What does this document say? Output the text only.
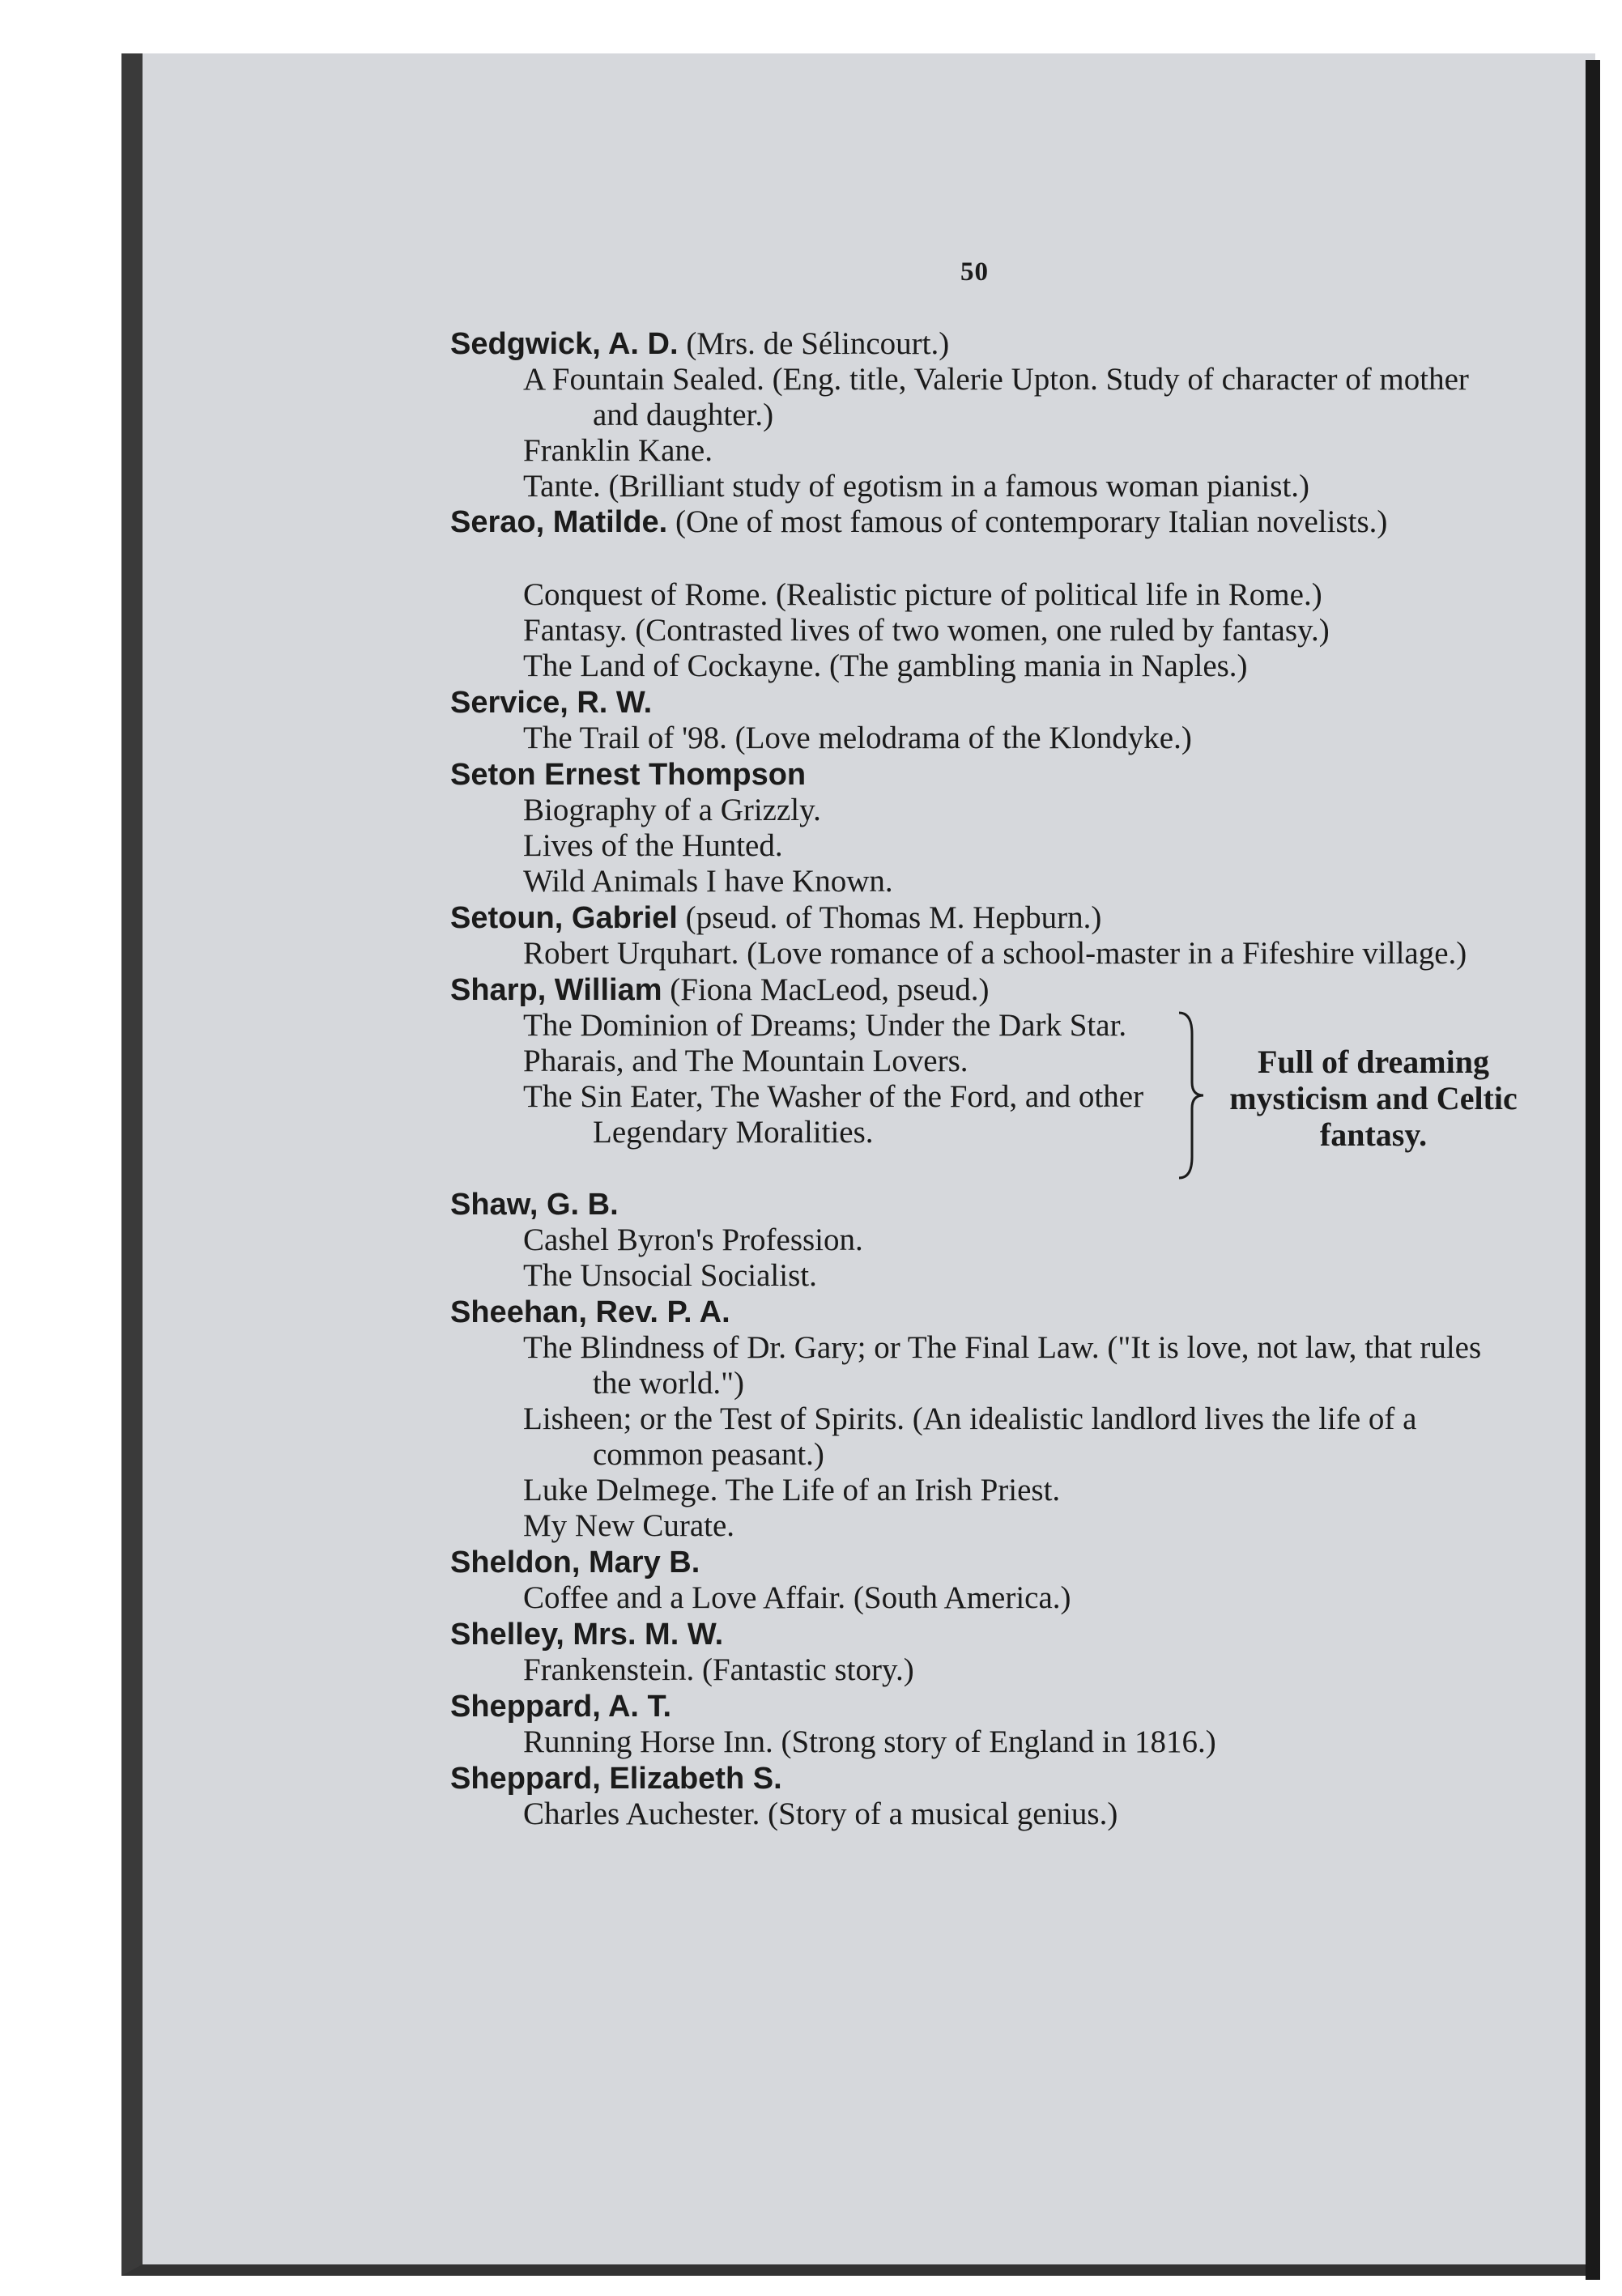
50
Sedgwick, A. D. (Mrs. de Sélincourt.)
A Fountain Sealed. (Eng. title, Valerie Upton. Study of character of mother and daughter.)
Franklin Kane.
Tante. (Brilliant study of egotism in a famous woman pianist.)
Serao, Matilde. (One of most famous of contemporary Italian novelists.)
Conquest of Rome. (Realistic picture of political life in Rome.)
Fantasy. (Contrasted lives of two women, one ruled by fantasy.)
The Land of Cockayne. (The gambling mania in Naples.)
Service, R. W.
The Trail of '98. (Love melodrama of the Klondyke.)
Seton Ernest Thompson
Biography of a Grizzly.
Lives of the Hunted.
Wild Animals I have Known.
Setoun, Gabriel (pseud. of Thomas M. Hepburn.)
Robert Urquhart. (Love romance of a school-master in a Fifeshire village.)
Sharp, William (Fiona MacLeod, pseud.)
The Dominion of Dreams; Under the Dark Star.
Pharais, and The Mountain Lovers.
The Sin Eater, The Washer of the Ford, and other Legendary Moralities.
Full of dreaming mysticism and Celtic fantasy.
Shaw, G. B.
Cashel Byron's Profession.
The Unsocial Socialist.
Sheehan, Rev. P. A.
The Blindness of Dr. Gary; or The Final Law. ("It is love, not law, that rules the world.")
Lisheen; or the Test of Spirits. (An idealistic landlord lives the life of a common peasant.)
Luke Delmege. The Life of an Irish Priest.
My New Curate.
Sheldon, Mary B.
Coffee and a Love Affair. (South America.)
Shelley, Mrs. M. W.
Frankenstein. (Fantastic story.)
Sheppard, A. T.
Running Horse Inn. (Strong story of England in 1816.)
Sheppard, Elizabeth S.
Charles Auchester. (Story of a musical genius.)
